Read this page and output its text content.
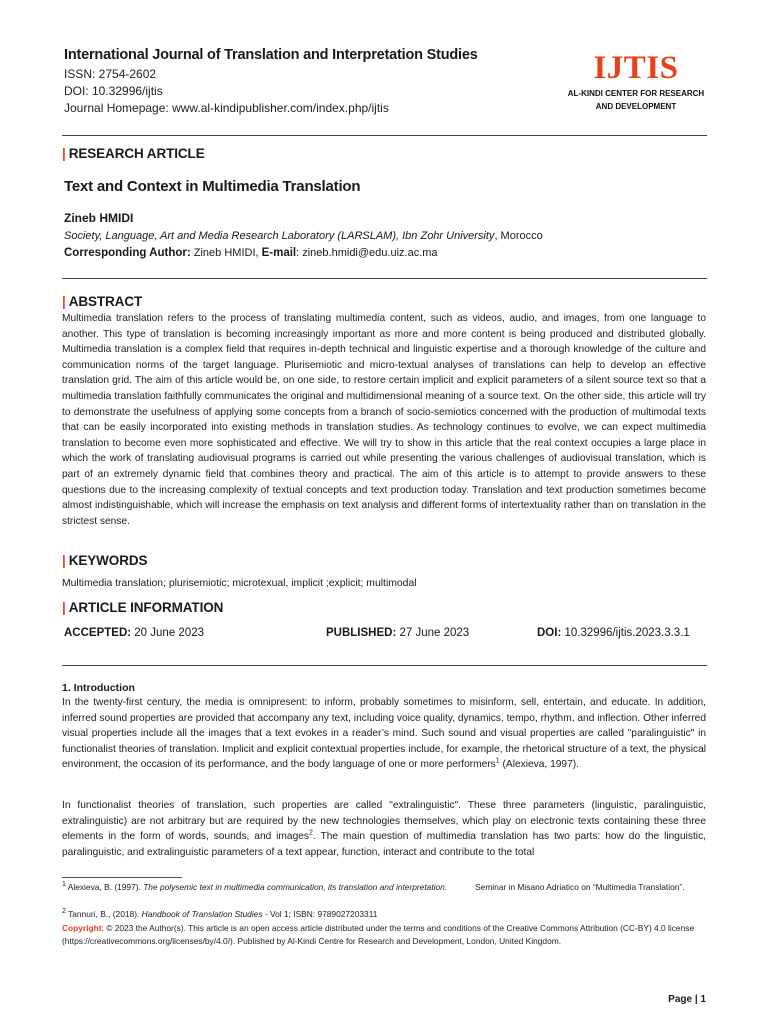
International Journal of Translation and Interpretation Studies
ISSN: 2754-2602
DOI: 10.32996/ijtis
Journal Homepage: www.al-kindipublisher.com/index.php/ijtis
IJTIS
AL-KINDI CENTER FOR RESEARCH
AND DEVELOPMENT
| RESEARCH ARTICLE
Text and Context in Multimedia Translation
Zineb HMIDI
Society, Language, Art and Media Research Laboratory (LARSLAM), Ibn Zohr University, Morocco
Corresponding Author: Zineb HMIDI, E-mail: zineb.hmidi@edu.uiz.ac.ma
| ABSTRACT
Multimedia translation refers to the process of translating multimedia content, such as videos, audio, and images, from one language to another. This type of translation is becoming increasingly important as more and more content is being produced and distributed globally. Multimedia translation is a complex field that requires in-depth technical and linguistic expertise and a thorough knowledge of the culture and communication norms of the target language. Plurisemiotic and micro-textual analyses of translations can help to develop an effective translation grid. The aim of this article would be, on one side, to restore certain implicit and explicit parameters of a silent source text so that a multimedia translation faithfully communicates the original and multidimensional meaning of a source text. On the other side, this article will try to demonstrate the usefulness of applying some concepts from a branch of socio-semiotics concerned with the production of multimodal texts that can be easily incorporated into existing methods in translation studies. As technology continues to evolve, we can expect multimedia translation to become even more sophisticated and effective. We will try to show in this article that the real context occupies a large place in which the work of translating audiovisual programs is carried out while presenting the various challenges of audiovisual translation, which is part of an extremely dynamic field that combines theory and practical. The aim of this article is to attempt to provide answers to these questions due to the increasing complexity of textual concepts and text production today. Translation and text production sometimes become almost indistinguishable, which will increase the emphasis on text analysis and different forms of intertextuality rather than on translation in the strictest sense.
| KEYWORDS
Multimedia translation; plurisemiotic; microtexual, implicit ;explicit; multimodal
| ARTICLE INFORMATION
ACCEPTED: 20 June 2023	PUBLISHED: 27 June 2023	DOI: 10.32996/ijtis.2023.3.3.1
1. Introduction
In the twenty-first century, the media is omnipresent: to inform, probably sometimes to misinform, sell, entertain, and educate. In addition, inferred sound properties are provided that accompany any text, including voice quality, dynamics, tempo, rhythm, and inflection. Other inferred visual properties include all the images that a text evokes in a reader’s mind. Such sound and visual properties are called "paralinguistic" in functionalist theories of translation. Implicit and explicit contextual properties include, for example, the rhetorical structure of a text, the physical environment, the occasion of its performance, and the body language of one or more performers$^1$ (Alexieva, 1997).
In functionalist theories of translation, such properties are called "extralinguistic". These three parameters (linguistic, paralinguistic, extralinguistic) are not arbitrary but are required by the new technologies themselves, which play on electronic texts containing these three elements in the form of words, sounds, and images$^2$. The main question of multimedia translation has two parts: how do the linguistic, paralinguistic, and extralinguistic parameters of a text appear, function, interact and contribute to the total
$^1$ Alexieva, B. (1997). The polysemic text in multimedia communication, its translation and interpretation.            Seminar in Misano Adriatico on “Multimedia Translation”.
$^2$ Tannuri, B., (2018). Handbook of Translation Studies - Vol 1; ISBN: 9789027203311
Copyright: © 2023 the Author(s). This article is an open access article distributed under the terms and conditions of the Creative Commons Attribution (CC-BY) 4.0 license (https://creativecommons.org/licenses/by/4.0/). Published by Al-Kindi Centre for Research and Development, London, United Kingdom.
Page | 1
